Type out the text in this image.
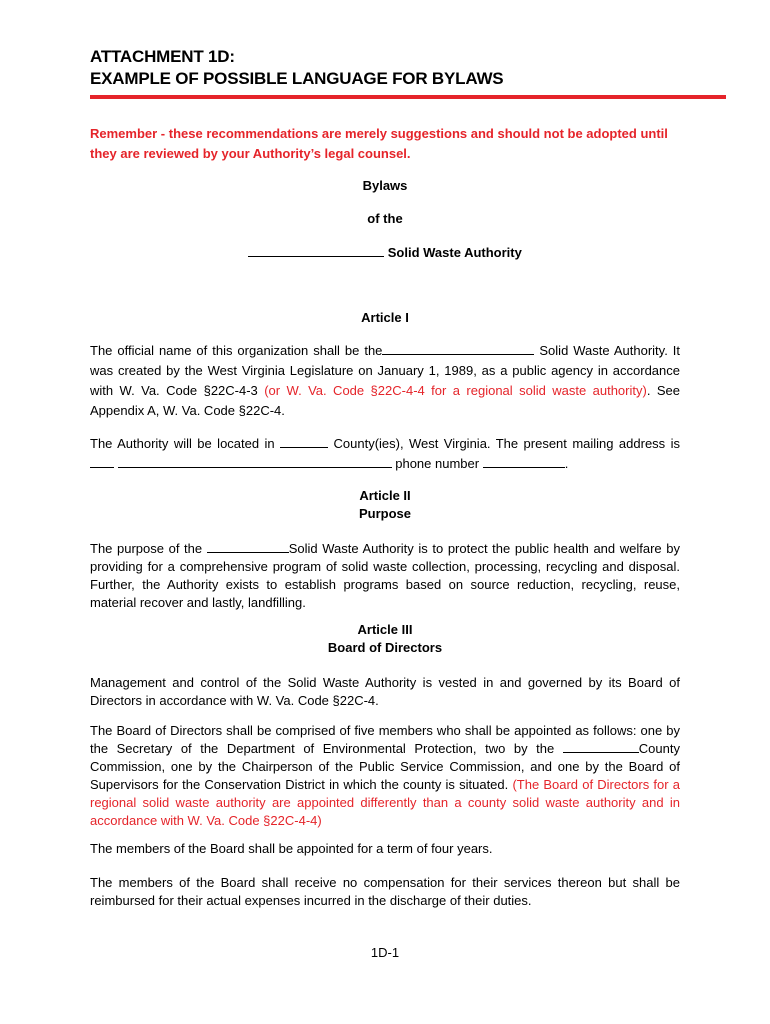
ATTACHMENT 1D:
EXAMPLE OF POSSIBLE LANGUAGE FOR BYLAWS
Remember - these recommendations are merely suggestions and should not be adopted until they are reviewed by your Authority’s legal counsel.
Bylaws
of the
Solid Waste Authority
Article I
The official name of this organization shall be the	Solid Waste Authority. It was created by the West Virginia Legislature on January 1, 1989, as a public agency in accordance with W. Va. Code §22C-4-3 (or W. Va. Code §22C-4-4 for a regional solid waste authority). See Appendix A, W. Va. Code §22C-4.
The Authority will be located in	County(ies), West Virginia. The present mailing address is   phone number	.
Article II
Purpose
The purpose of the	Solid Waste Authority is to protect the public health and welfare by providing for a comprehensive program of solid waste collection, processing, recycling and disposal. Further, the Authority exists to establish programs based on source reduction, recycling, reuse, material recover and lastly, landfilling.
Article III
Board of Directors
Management and control of the Solid Waste Authority is vested in and governed by its Board of Directors in accordance with W. Va. Code §22C-4.
The Board of Directors shall be comprised of five members who shall be appointed as follows: one by the Secretary of the Department of Environmental Protection, two by the	County Commission, one by the Chairperson of the Public Service Commission, and one by the Board of Supervisors for the Conservation District in which the county is situated. (The Board of Directors for a regional solid waste authority are appointed differently than a county solid waste authority and in accordance with W. Va. Code §22C-4-4)
The members of the Board shall be appointed for a term of four years.
The members of the Board shall receive no compensation for their services thereon but shall be reimbursed for their actual expenses incurred in the discharge of their duties.
1D-1
